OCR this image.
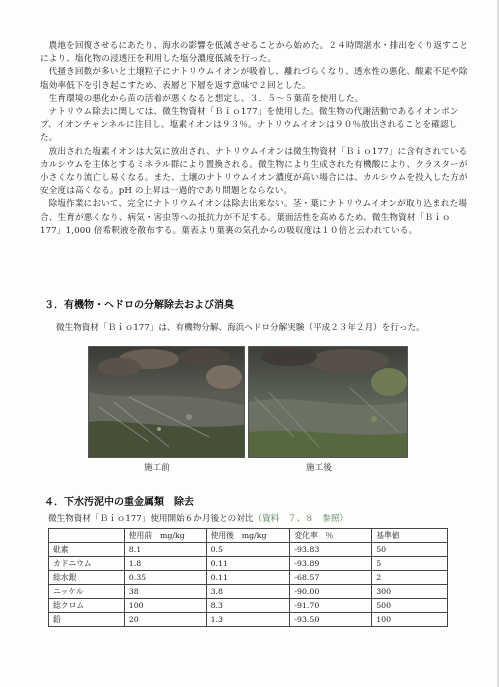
農地を回復させるにあたり、海水の影響を低減させることから始めた。２４時間湛水・排出をくり返すことにより、塩化物の浸透圧を利用した塩分濃度低減を行った。

代掻き回数が多いと土壌粒子にナトリウムイオンが吸着し、離れづらくなり、透水性の悪化、酸素不足や除塩効率低下を引き起こすため、表層と下層を返す意味で２回とした。

生育環境の悪化から苗の活着が悪くなると想定し、３．５～５葉苗を使用した。

ナトリウム除去に関しては、微生物資材「Ｂｉｏ177」を使用した。微生物の代謝活動であるイオンポンプ、イオンチャンネルに注目し、塩素イオンは９３％。ナトリウムイオンは９０％放出されることを確認した。

放出された塩素イオンは大気に放出され、ナトリウムイオンは微生物資材「Ｂｉｏ177」に含有されているカルシウムを主体とするミネラル群により置換される。微生物により生成された有機酸により、クラスターが小さくなり流亡し易くなる。また、土壌のナトリウムイオン濃度が高い場合には、カルシウムを投入した方が安全度は高くなる。pH の上昇は一過的であり問題とならない。

除塩作業において、完全にナトリウムイオンは除去出来ない。茎・葉にナトリウムイオンが取り込まれた場合、生育が悪くなり、病気・害虫等への抵抗力が不足する。葉面活性を高めるため、微生物資材「Ｂｉｏ177」1,000 倍希釈液を散布する。葉表より葉裏の気孔からの吸収度は１０倍と云われている。

３．有機物・ヘドロの分解除去および消臭
微生物資材「Ｂｉｏ177」は、有機物分解、海浜ヘドロ分解実験（平成２３年２月）を行った。
施工前	施工後
４．下水汚泥中の重金属類　除去
微生物資材「Ｂｉｏ177」使用開始６か月後との対比（資料　７、８　参照）
	使用前　mg/kg	使用後　mg/kg	変化率　％	基準値
砒素	8.1	0.5	-93.83	50
カドニウム	1.8	0.11	-93.89	5
総水銀	0.35	0.11	-68.57	2
ニッケル	38	3.8	-90.00	300
総クロム	100	8.3	-91.70	500
鉛	20	1.3	-93.50	100
